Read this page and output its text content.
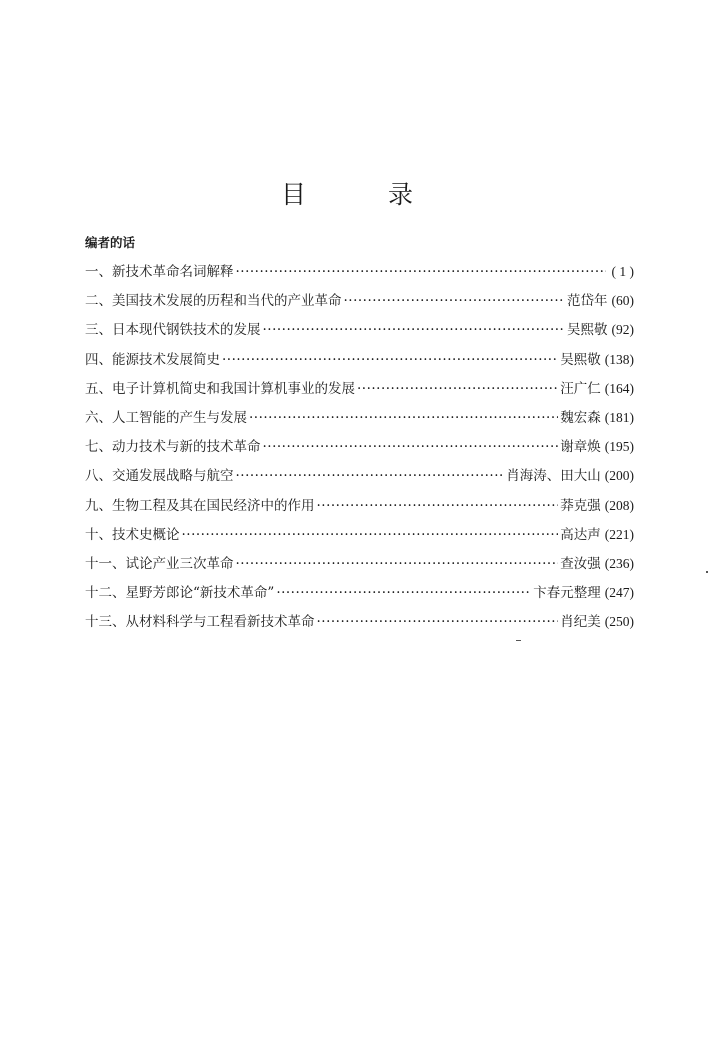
目	录
编者的话
一、新技术革命名词解释 ·····	( 1 )
二、美国技术发展的历程和当代的产业革命 ·····	范岱年 (60)
三、日本现代钢铁技术的发展 ·····	吴熙敬 (92)
四、能源技术发展简史 ·····	吴熙敬 (138)
五、电子计算机简史和我国计算机事业的发展 ·····	汪广仁 (164)
六、人工智能的产生与发展 ·····	魏宏森 (181)
七、动力技术与新的技术革命 ·····	谢章焕 (195)
八、交通发展战略与航空 ·····	肖海涛、田大山 (200)
九、生物工程及其在国民经济中的作用 ·····	莽克强 (208)
十、技术史概论 ·····	高达声 (221)
十一、试论产业三次革命 ·····	查汝强 (236)
十二、星野芳郎论“新技术革命” ·····	卞春元整理 (247)
十三、从材料科学与工程看新技术革命 ·····	肖纪美 (250)
